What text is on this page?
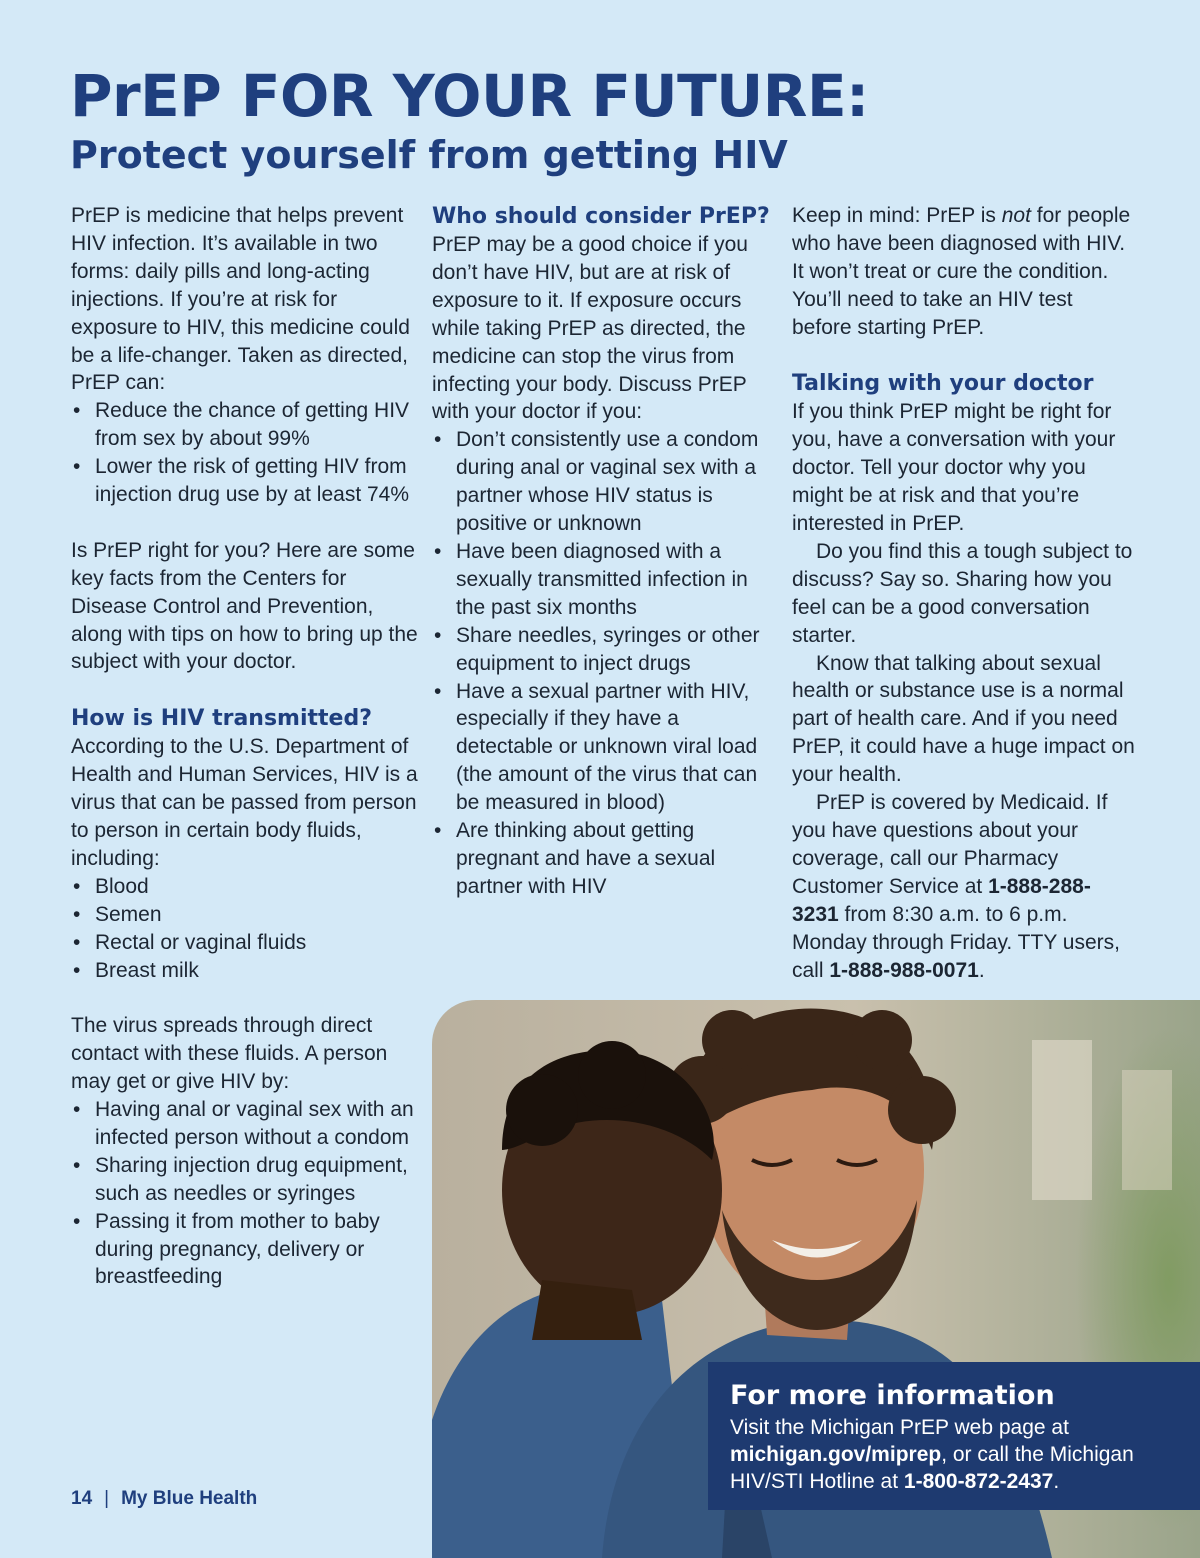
PrEP FOR YOUR FUTURE:
Protect yourself from getting HIV

PrEP is medicine that helps prevent HIV infection. It’s available in two forms: daily pills and long-acting injections. If you’re at risk for exposure to HIV, this medicine could be a life-changer. Taken as directed, PrEP can:

• Reduce the chance of getting HIV from sex by about 99%
• Lower the risk of getting HIV from injection drug use by at least 74%

Is PrEP right for you? Here are some key facts from the Centers for Disease Control and Prevention, along with tips on how to bring up the subject with your doctor.

How is HIV transmitted?

According to the U.S. Department of Health and Human Services, HIV is a virus that can be passed from person to person in certain body fluids, including:

• Blood
• Semen
• Rectal or vaginal fluids
• Breast milk

The virus spreads through direct contact with these fluids. A person may get or give HIV by:

• Having anal or vaginal sex with an infected person without a condom
• Sharing injection drug equipment, such as needles or syringes
• Passing it from mother to baby during pregnancy, delivery or breastfeeding
Who should consider PrEP?

PrEP may be a good choice if you don’t have HIV, but are at risk of exposure to it. If exposure occurs while taking PrEP as directed, the medicine can stop the virus from infecting your body. Discuss PrEP with your doctor if you:

• Don’t consistently use a condom during anal or vaginal sex with a partner whose HIV status is positive or unknown
• Have been diagnosed with a sexually transmitted infection in the past six months
• Share needles, syringes or other equipment to inject drugs
• Have a sexual partner with HIV, especially if they have a detectable or unknown viral load (the amount of the virus that can be measured in blood)
• Are thinking about getting pregnant and have a sexual partner with HIV

Keep in mind: PrEP is not for people who have been diagnosed with HIV. It won’t treat or cure the condition. You’ll need to take an HIV test before starting PrEP.

Talking with your doctor

If you think PrEP might be right for you, have a conversation with your doctor. Tell your doctor why you might be at risk and that you’re interested in PrEP.

Do you find this a tough subject to discuss? Say so. Sharing how you feel can be a good conversation starter.

Know that talking about sexual health or substance use is a normal part of health care. And if you need PrEP, it could have a huge impact on your health.

PrEP is covered by Medicaid. If you have questions about your coverage, call our Pharmacy Customer Service at 1-888-288-3231 from 8:30 a.m. to 6 p.m. Monday through Friday. TTY users, call 1-888-988-0071.

For more information

Visit the Michigan PrEP web page at michigan.gov/miprep, or call the Michigan HIV/STI Hotline at 1-800-872-2437.

14 | My Blue Health
